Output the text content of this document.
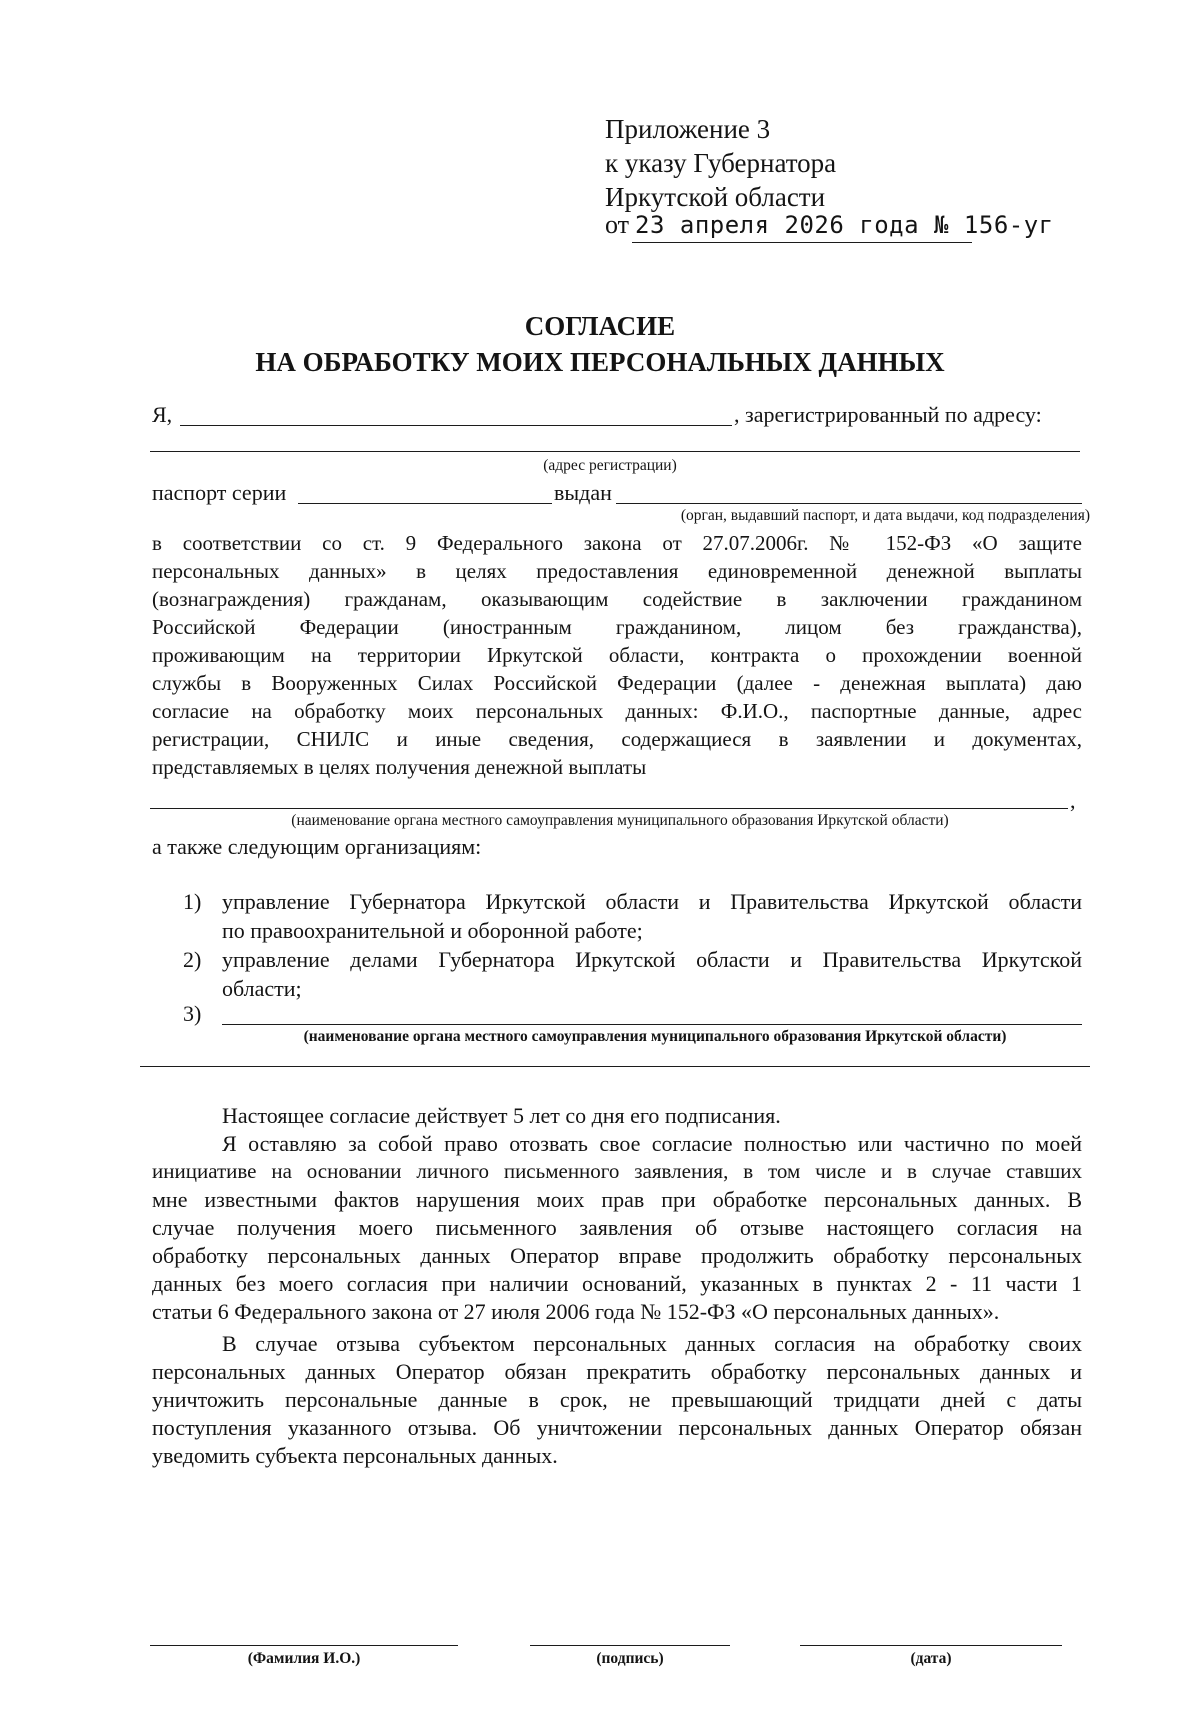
Приложение 3
к указу Губернатора
Иркутской области
от 23 апреля 2026 года № 156-уг
СОГЛАСИЕ
НА ОБРАБОТКУ МОИХ ПЕРСОНАЛЬНЫХ ДАННЫХ
Я,	, зарегистрированный по адресу:
(адрес регистрации)
паспорт серии	выдан
(орган, выдавший паспорт, и дата выдачи, код подразделения)
в соответствии со ст. 9 Федерального закона от 27.07.2006г. № 152-ФЗ «О защите
персональных данных» в целях предоставления единовременной денежной выплаты
(вознаграждения) гражданам, оказывающим содействие в заключении гражданином
Российской Федерации (иностранным гражданином, лицом без гражданства),
проживающим на территории Иркутской области, контракта о прохождении военной
службы в Вооруженных Силах Российской Федерации (далее - денежная выплата) даю
согласие на обработку моих персональных данных: Ф.И.О., паспортные данные, адрес
регистрации, СНИЛС и иные сведения, содержащиеся в заявлении и документах,
представляемых в целях получения денежной выплаты
,
(наименование органа местного самоуправления муниципального образования Иркутской области)
а также следующим организациям:
1) управление Губернатора Иркутской области и Правительства Иркутской области
по правоохранительной и оборонной работе;
2) управление делами Губернатора Иркутской области и Правительства Иркутской
области;
3)
(наименование органа местного самоуправления муниципального образования Иркутской области)
Настоящее согласие действует 5 лет со дня его подписания.
Я оставляю за собой право отозвать свое согласие полностью или частично по моей
инициативе на основании личного письменного заявления, в том числе и в случае ставших
мне известными фактов нарушения моих прав при обработке персональных данных. В
случае получения моего письменного заявления об отзыве настоящего согласия на
обработку персональных данных Оператор вправе продолжить обработку персональных
данных без моего согласия при наличии оснований, указанных в пунктах 2 - 11 части 1
статьи 6 Федерального закона от 27 июля 2006 года № 152-ФЗ «О персональных данных».
В случае отзыва субъектом персональных данных согласия на обработку своих
персональных данных Оператор обязан прекратить обработку персональных данных и
уничтожить персональные данные в срок, не превышающий тридцати дней с даты
поступления указанного отзыва. Об уничтожении персональных данных Оператор обязан
уведомить субъекта персональных данных.
(Фамилия И.О.)	(подпись)	(дата)
